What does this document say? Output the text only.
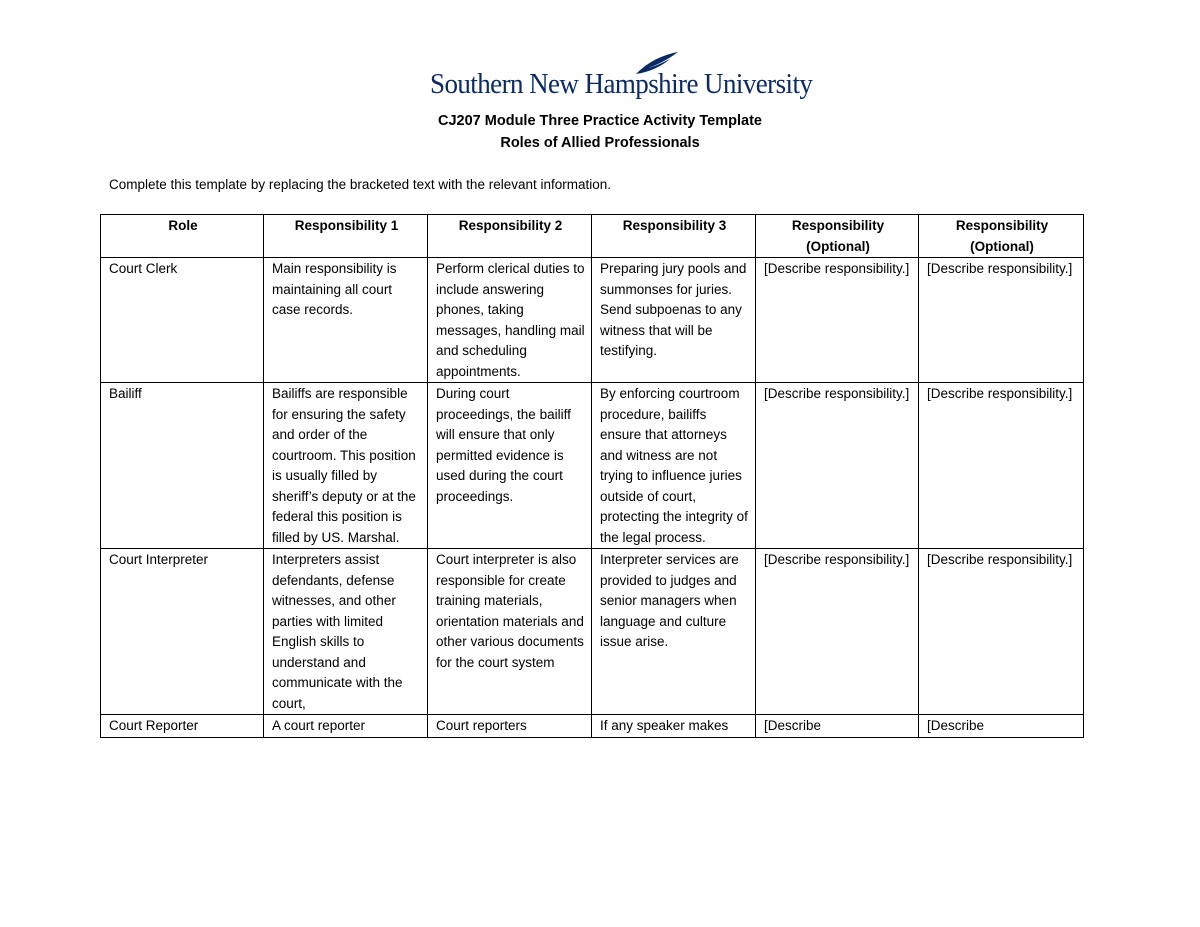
Southern New Hampshire University
CJ207 Module Three Practice Activity Template
Roles of Allied Professionals
Complete this template by replacing the bracketed text with the relevant information.
Role	Responsibility 1	Responsibility 2	Responsibility 3	Responsibility (Optional)	Responsibility (Optional)
Court Clerk	Main responsibility is maintaining all court case records.	Perform clerical duties to include answering phones, taking messages, handling mail and scheduling appointments.	Preparing jury pools and summonses for juries. Send subpoenas to any witness that will be testifying.	[Describe responsibility.]	[Describe responsibility.]
Bailiff	Bailiffs are responsible for ensuring the safety and order of the courtroom. This position is usually filled by sheriff’s deputy or at the federal this position is filled by US. Marshal.	During court proceedings, the bailiff will ensure that only permitted evidence is used during the court proceedings.	By enforcing courtroom procedure, bailiffs ensure that attorneys and witness are not trying to influence juries outside of court, protecting the integrity of the legal process.	[Describe responsibility.]	[Describe responsibility.]
Court Interpreter	Interpreters assist defendants, defense witnesses, and other parties with limited English skills to understand and communicate with the court,	Court interpreter is also responsible for create training materials, orientation materials and other various documents for the court system	Interpreter services are provided to judges and senior managers when language and culture issue arise.	[Describe responsibility.]	[Describe responsibility.]
Court Reporter	A court reporter	Court reporters	If any speaker makes	[Describe	[Describe
